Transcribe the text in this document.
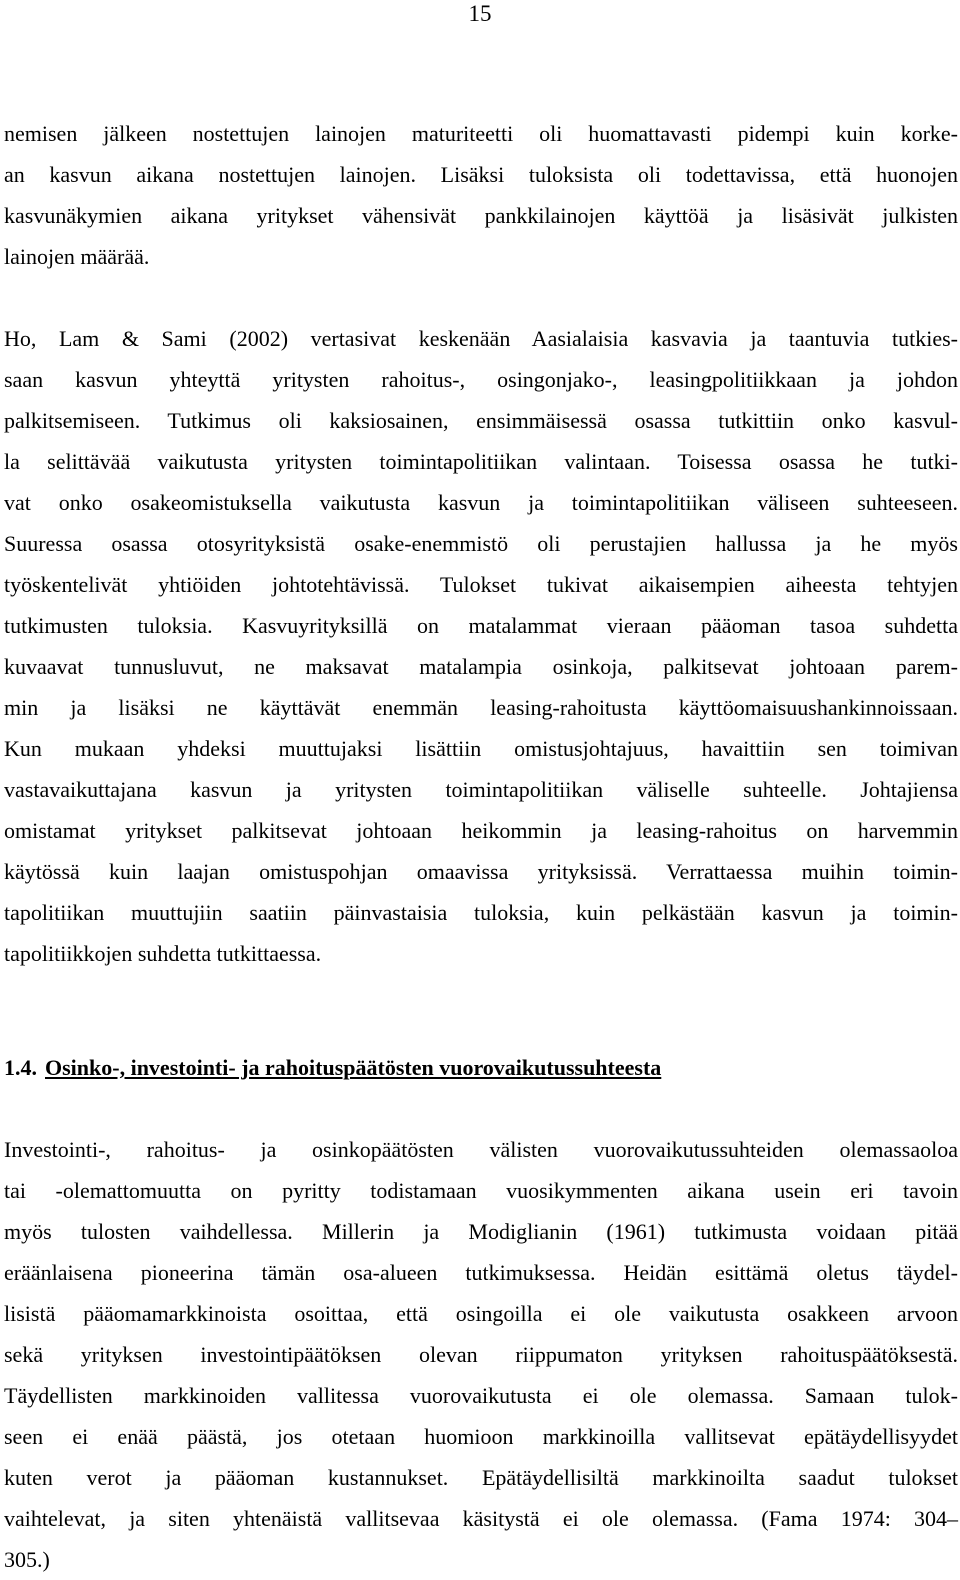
15
nemisen jälkeen nostettujen lainojen maturiteetti oli huomattavasti pidempi kuin korke-
an kasvun aikana nostettujen lainojen. Lisäksi tuloksista oli todettavissa, että huonojen
kasvunäkymien aikana yritykset vähensivät pankkilainojen käyttöä ja lisäsivät julkisten
lainojen määrää.
Ho, Lam & Sami (2002) vertasivat keskenään Aasialaisia kasvavia ja taantuvia tutkies-
saan kasvun yhteyttä yritysten rahoitus-, osingonjako-, leasingpolitiikkaan ja johdon
palkitsemiseen. Tutkimus oli kaksiosainen, ensimmäisessä osassa tutkittiin onko kasvul-
la selittävää vaikutusta yritysten toimintapolitiikan valintaan. Toisessa osassa he tutki-
vat onko osakeomistuksella vaikutusta kasvun ja toimintapolitiikan väliseen suhteeseen.
Suuressa osassa otosyrityksistä osake-enemmistö oli perustajien hallussa ja he myös
työskentelivät yhtiöiden johtotehtävissä. Tulokset tukivat aikaisempien aiheesta tehtyjen
tutkimusten tuloksia. Kasvuyrityksillä on matalammat vieraan pääoman tasoa suhdetta
kuvaavat tunnusluvut, ne maksavat matalampia osinkoja, palkitsevat johtoaan parem-
min ja lisäksi ne käyttävät enemmän leasing-rahoitusta käyttöomaisuushankinnoissaan.
Kun mukaan yhdeksi muuttujaksi lisättiin omistusjohtajuus, havaittiin sen toimivan
vastavaikuttajana kasvun ja yritysten toimintapolitiikan väliselle suhteelle. Johtajiensa
omistamat yritykset palkitsevat johtoaan heikommin ja leasing-rahoitus on harvemmin
käytössä kuin laajan omistuspohjan omaavissa yrityksissä. Verrattaessa muihin toimin-
tapolitiikan muuttujiin saatiin päinvastaisia tuloksia, kuin pelkästään kasvun ja toimin-
tapolitiikkojen suhdetta tutkittaessa.
1.4. Osinko-, investointi- ja rahoituspäätösten vuorovaikutussuhteesta
Investointi-, rahoitus- ja osinkopäätösten välisten vuorovaikutussuhteiden olemassaoloa
tai -olemattomuutta on pyritty todistamaan vuosikymmenten aikana usein eri tavoin
myös tulosten vaihdellessa. Millerin ja Modiglianin (1961) tutkimusta voidaan pitää
eräänlaisena pioneerina tämän osa-alueen tutkimuksessa. Heidän esittämä oletus täydel-
lisistä pääomamarkkinoista osoittaa, että osingoilla ei ole vaikutusta osakkeen arvoon
sekä yrityksen investointipäätöksen olevan riippumaton yrityksen rahoituspäätöksestä.
Täydellisten markkinoiden vallitessa vuorovaikutusta ei ole olemassa. Samaan tulok-
seen ei enää päästä, jos otetaan huomioon markkinoilla vallitsevat epätäydellisyydet
kuten verot ja pääoman kustannukset. Epätäydellisiltä markkinoilta saadut tulokset
vaihtelevat, ja siten yhtenäistä vallitsevaa käsitystä ei ole olemassa. (Fama 1974: 304–
305.)
